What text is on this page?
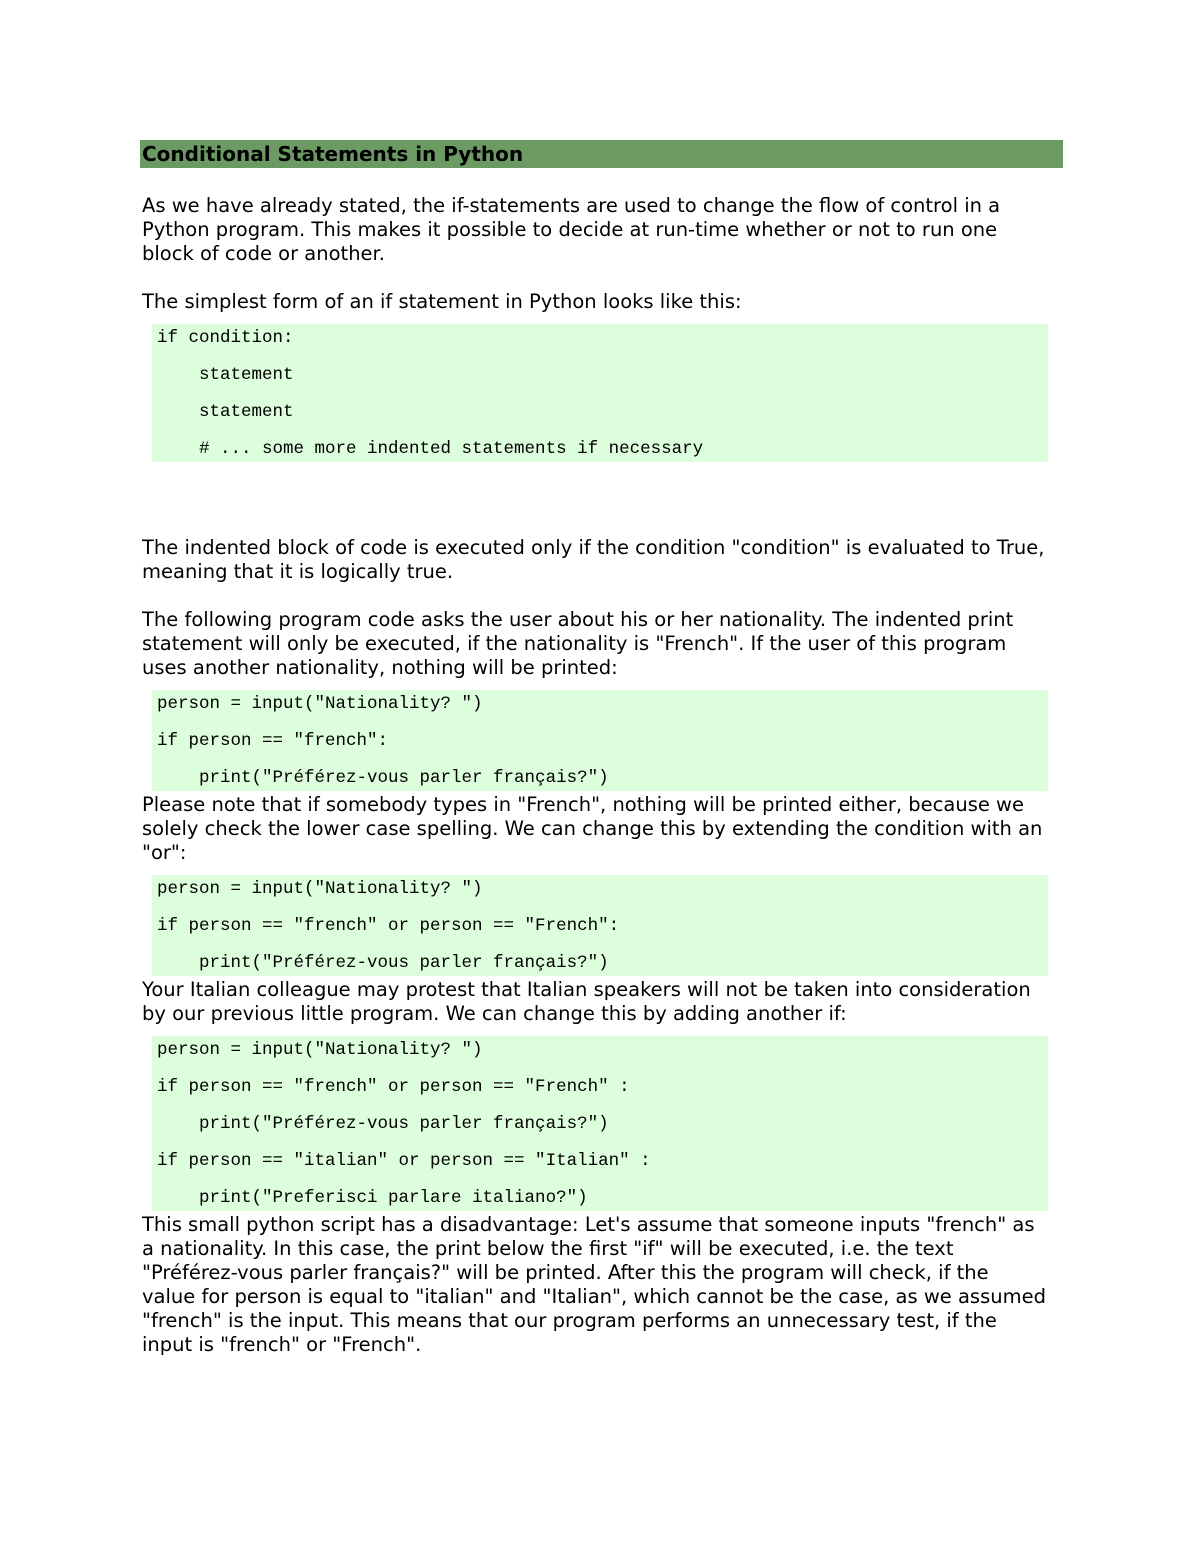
Conditional Statements in Python
As we have already stated, the if-statements are used to change the flow of control in a
Python program. This makes it possible to decide at run-time whether or not to run one
block of code or another.
The simplest form of an if statement in Python looks like this:
if condition:
statement
statement
# ... some more indented statements if necessary
The indented block of code is executed only if the condition "condition" is evaluated to True,
meaning that it is logically true.
The following program code asks the user about his or her nationality. The indented print
statement will only be executed, if the nationality is "French". If the user of this program
uses another nationality, nothing will be printed:
person = input("Nationality? ")
if person == "french":
print("Préférez-vous parler français?")
Please note that if somebody types in "French", nothing will be printed either, because we
solely check the lower case spelling. We can change this by extending the condition with an
"or":
person = input("Nationality? ")
if person == "french" or person == "French":
print("Préférez-vous parler français?")
Your Italian colleague may protest that Italian speakers will not be taken into consideration
by our previous little program. We can change this by adding another if:
person = input("Nationality? ")
if person == "french" or person == "French" :
print("Préférez-vous parler français?")
if person == "italian" or person == "Italian" :
print("Preferisci parlare italiano?")
This small python script has a disadvantage: Let's assume that someone inputs "french" as
a nationality. In this case, the print below the first "if" will be executed, i.e. the text
"Préférez-vous parler français?" will be printed. After this the program will check, if the
value for person is equal to "italian" and "Italian", which cannot be the case, as we assumed
"french" is the input. This means that our program performs an unnecessary test, if the
input is "french" or "French".
